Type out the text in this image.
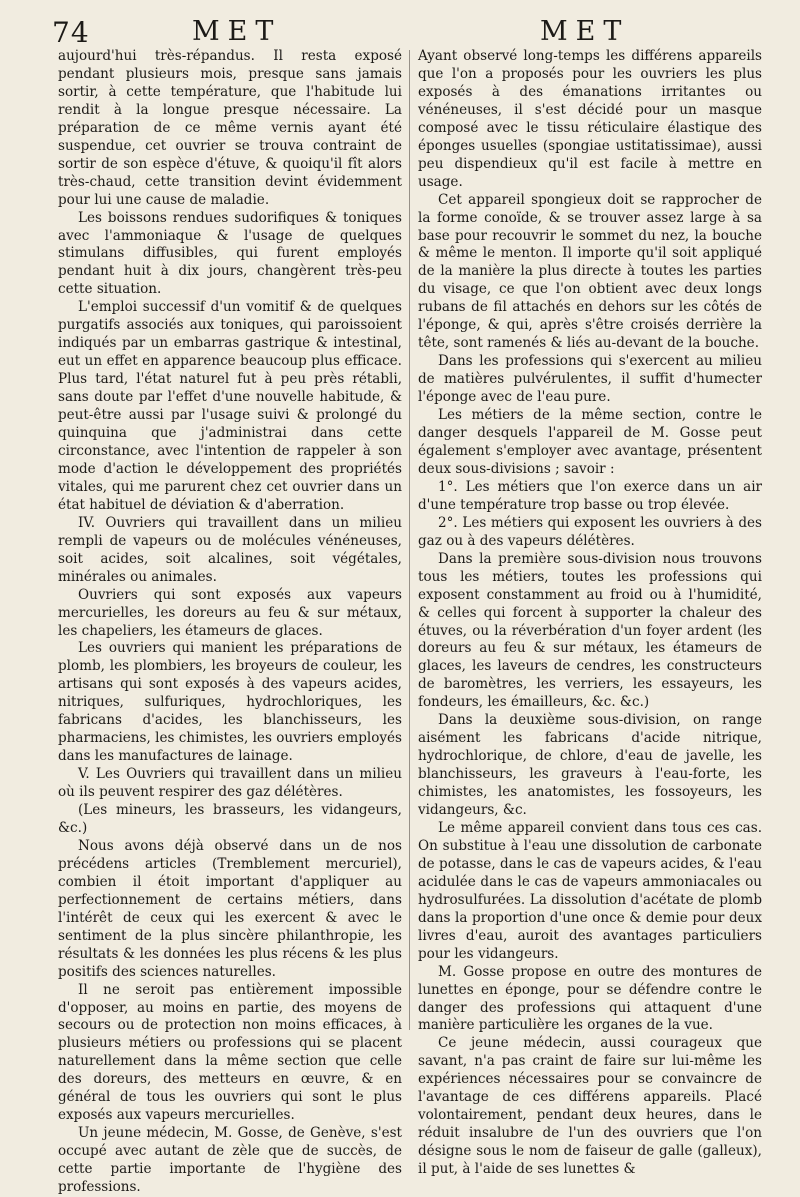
74	MET	MET

aujourd'hui très-répandus. Il resta exposé pendant plusieurs mois, presque sans jamais sortir, à cette température, que l'habitude lui rendit à la longue presque nécessaire. La préparation de ce même vernis ayant été suspendue, cet ouvrier se trouva contraint de sortir de son espèce d'étuve, & quoiqu'il fît alors très-chaud, cette transition devint évidemment pour lui une cause de maladie.

Les boissons rendues sudorifiques & toniques avec l'ammoniaque & l'usage de quelques stimulans diffusibles, qui furent employés pendant huit à dix jours, changèrent très-peu cette situation.

L'emploi successif d'un vomitif & de quelques purgatifs associés aux toniques, qui paroissoient indiqués par un embarras gastrique & intestinal, eut un effet en apparence beaucoup plus efficace. Plus tard, l'état naturel fut à peu près rétabli, sans doute par l'effet d'une nouvelle habitude, & peut-être aussi par l'usage suivi & prolongé du quinquina que j'administrai dans cette circonstance, avec l'intention de rappeler à son mode d'action le développement des propriétés vitales, qui me parurent chez cet ouvrier dans un état habituel de déviation & d'aberration.

IV. Ouvriers qui travaillent dans un milieu rempli de vapeurs ou de molécules vénéneuses, soit acides, soit alcalines, soit végétales, minérales ou animales.

Ouvriers qui sont exposés aux vapeurs mercurielles, les doreurs au feu & sur métaux, les chapeliers, les étameurs de glaces.

Les ouvriers qui manient les préparations de plomb, les plombiers, les broyeurs de couleur, les artisans qui sont exposés à des vapeurs acides, nitriques, sulfuriques, hydrochloriques, les fabricans d'acides, les blanchisseurs, les pharmaciens, les chimistes, les ouvriers employés dans les manufactures de lainage.

V. Les Ouvriers qui travaillent dans un milieu où ils peuvent respirer des gaz délétères.

(Les mineurs, les brasseurs, les vidangeurs, &c.)

Nous avons déjà observé dans un de nos précédens articles (Tremblement mercuriel), combien il étoit important d'appliquer au perfectionnement de certains métiers, dans l'intérêt de ceux qui les exercent & avec le sentiment de la plus sincère philanthropie, les résultats & les données les plus récens & les plus positifs des sciences naturelles.

Il ne seroit pas entièrement impossible d'opposer, au moins en partie, des moyens de secours ou de protection non moins efficaces, à plusieurs métiers ou professions qui se placent naturellement dans la même section que celle des doreurs, des metteurs en œuvre, & en général de tous les ouvriers qui sont le plus exposés aux vapeurs mercurielles.

Un jeune médecin, M. Gosse, de Genève, s'est occupé avec autant de zèle que de succès, de cette partie importante de l'hygiène des professions.

Ayant observé long-temps les différens appareils que l'on a proposés pour les ouvriers les plus exposés à des émanations irritantes ou vénéneuses, il s'est décidé pour un masque composé avec le tissu réticulaire élastique des éponges usuelles (spongiae ustitatissimae), aussi peu dispendieux qu'il est facile à mettre en usage.

Cet appareil spongieux doit se rapprocher de la forme conoïde, & se trouver assez large à sa base pour recouvrir le sommet du nez, la bouche & même le menton. Il importe qu'il soit appliqué de la manière la plus directe à toutes les parties du visage, ce que l'on obtient avec deux longs rubans de fil attachés en dehors sur les côtés de l'éponge, & qui, après s'être croisés derrière la tête, sont ramenés & liés au-devant de la bouche.

Dans les professions qui s'exercent au milieu de matières pulvérulentes, il suffit d'humecter l'éponge avec de l'eau pure.

Les métiers de la même section, contre le danger desquels l'appareil de M. Gosse peut également s'employer avec avantage, présentent deux sous-divisions ; savoir :

1°. Les métiers que l'on exerce dans un air d'une température trop basse ou trop élevée.

2°. Les métiers qui exposent les ouvriers à des gaz ou à des vapeurs délétères.

Dans la première sous-division nous trouvons tous les métiers, toutes les professions qui exposent constamment au froid ou à l'humidité, & celles qui forcent à supporter la chaleur des étuves, ou la réverbération d'un foyer ardent (les doreurs au feu & sur métaux, les étameurs de glaces, les laveurs de cendres, les constructeurs de baromètres, les verriers, les essayeurs, les fondeurs, les émailleurs, &c. &c.)

Dans la deuxième sous-division, on range aisément les fabricans d'acide nitrique, hydrochlorique, de chlore, d'eau de javelle, les blanchisseurs, les graveurs à l'eau-forte, les chimistes, les anatomistes, les fossoyeurs, les vidangeurs, &c.

Le même appareil convient dans tous ces cas. On substitue à l'eau une dissolution de carbonate de potasse, dans le cas de vapeurs acides, & l'eau acidulée dans le cas de vapeurs ammoniacales ou hydrosulfurées. La dissolution d'acétate de plomb dans la proportion d'une once & demie pour deux livres d'eau, auroit des avantages particuliers pour les vidangeurs.

M. Gosse propose en outre des montures de lunettes en éponge, pour se défendre contre le danger des professions qui attaquent d'une manière particulière les organes de la vue.

Ce jeune médecin, aussi courageux que savant, n'a pas craint de faire sur lui-même les expériences nécessaires pour se convaincre de l'avantage de ces différens appareils. Placé volontairement, pendant deux heures, dans le réduit insalubre de l'un des ouvriers que l'on désigne sous le nom de faiseur de galle (galleux), il put, à l'aide de ses lunettes &
